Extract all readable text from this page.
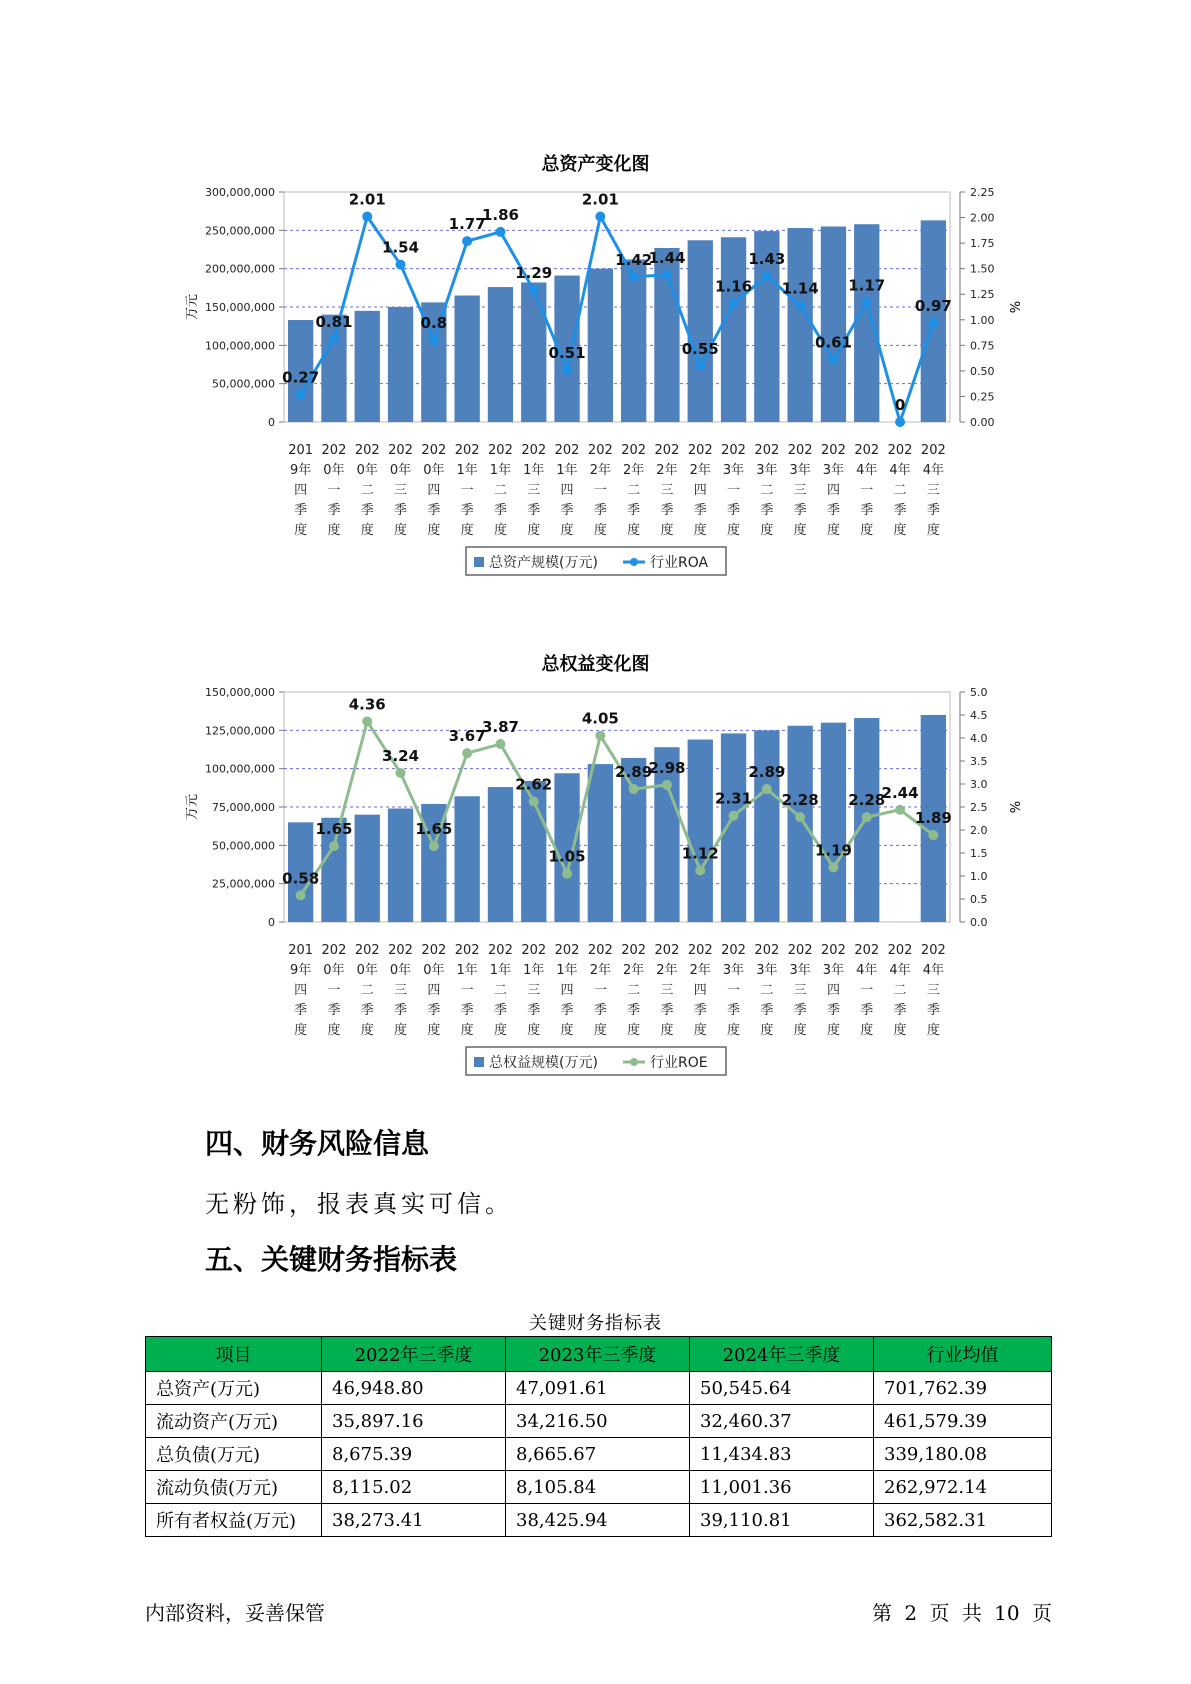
总资产变化图
300,000,000
250,000,000
200,000,000
150,000,000
100,000,000
50,000,000
0
2.25
2.00
1.75
1.50
1.25
1.00
0.75
0.50
0.25
0.00
万元	%
0.27
0.81
2.01
1.54
0.8
1.77
1.86
1.29
0.51
2.01
1.42
1.44
0.55
1.16
1.43
1.14
0.61
1.17
0
0.97
201
9年
四
季
度
202
0年
一
季
度
202
0年
二
季
度
202
0年
三
季
度
202
0年
四
季
度
202
1年
一
季
度
202
1年
二
季
度
202
1年
三
季
度
202
1年
四
季
度
202
2年
一
季
度
202
2年
二
季
度
202
2年
三
季
度
202
2年
四
季
度
202
3年
一
季
度
202
3年
二
季
度
202
3年
三
季
度
202
3年
四
季
度
202
4年
一
季
度
202
4年
二
季
度
202
4年
三
季
度
总资产规模(万元)	行业ROA
总权益变化图
150,000,000
125,000,000
100,000,000
75,000,000
50,000,000
25,000,000
0
5.0
4.5
4.0
3.5
3.0
2.5
2.0
1.5
1.0
0.5
0.0
万元	%
0.58
1.65
4.36
3.24
1.65
3.67
3.87
2.62
1.05
4.05
2.89
2.98
1.12
2.31
2.89
2.28
1.19
2.28
2.44
1.89
201
9年
四
季
度
202
0年
一
季
度
202
0年
二
季
度
202
0年
三
季
度
202
0年
四
季
度
202
1年
一
季
度
202
1年
二
季
度
202
1年
三
季
度
202
1年
四
季
度
202
2年
一
季
度
202
2年
二
季
度
202
2年
三
季
度
202
2年
四
季
度
202
3年
一
季
度
202
3年
二
季
度
202
3年
三
季
度
202
3年
四
季
度
202
4年
一
季
度
202
4年
二
季
度
202
4年
三
季
度
总权益规模(万元)	行业ROE
四、财务风险信息
无粉饰，报表真实可信。
五、关键财务指标表
关键财务指标表
项目	2022年三季度	2023年三季度	2024年三季度	行业均值
总资产(万元)	46,948.80	47,091.61	50,545.64	701,762.39
流动资产(万元)	35,897.16	34,216.50	32,460.37	461,579.39
总负债(万元)	8,675.39	8,665.67	11,434.83	339,180.08
流动负债(万元)	8,115.02	8,105.84	11,001.36	262,972.14
所有者权益(万元)	38,273.41	38,425.94	39,110.81	362,582.31
内部资料，妥善保管	第 2 页 共 10 页
